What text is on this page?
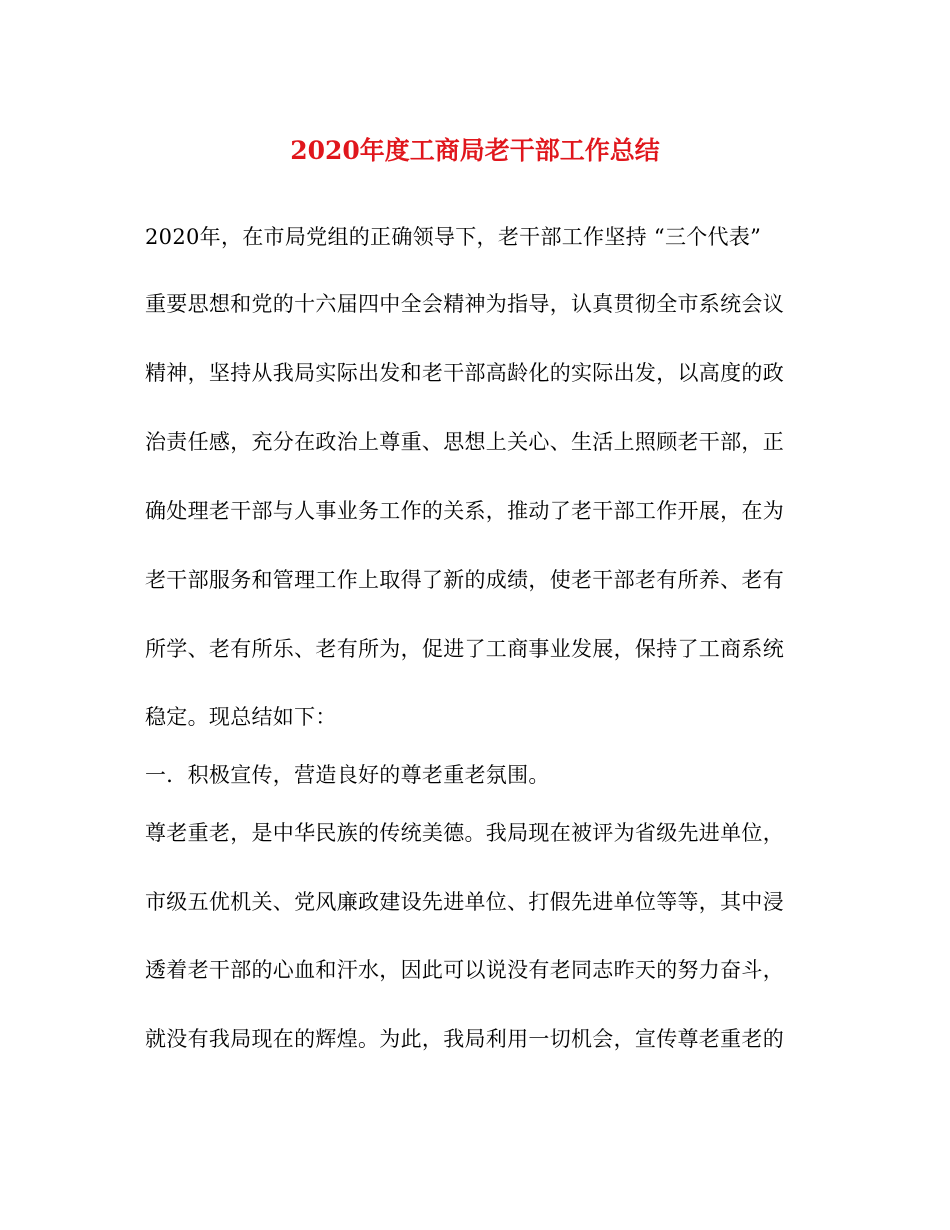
2020年度工商局老干部工作总结
2020年，在市局党组的正确领导下，老干部工作坚持 “三个代表”
重要思想和党的十六届四中全会精神为指导，认真贯彻全市系统会议
精神，坚持从我局实际出发和老干部高龄化的实际出发，以高度的政
治责任感，充分在政治上尊重、思想上关心、生活上照顾老干部，正
确处理老干部与人事业务工作的关系，推动了老干部工作开展，在为
老干部服务和管理工作上取得了新的成绩，使老干部老有所养、老有
所学、老有所乐、老有所为，促进了工商事业发展，保持了工商系统
稳定。现总结如下：
一．积极宣传，营造良好的尊老重老氛围。
尊老重老，是中华民族的传统美德。我局现在被评为省级先进单位，
市级五优机关、党风廉政建设先进单位、打假先进单位等等，其中浸
透着老干部的心血和汗水，因此可以说没有老同志昨天的努力奋斗，
就没有我局现在的辉煌。为此，我局利用一切机会，宣传尊老重老的
